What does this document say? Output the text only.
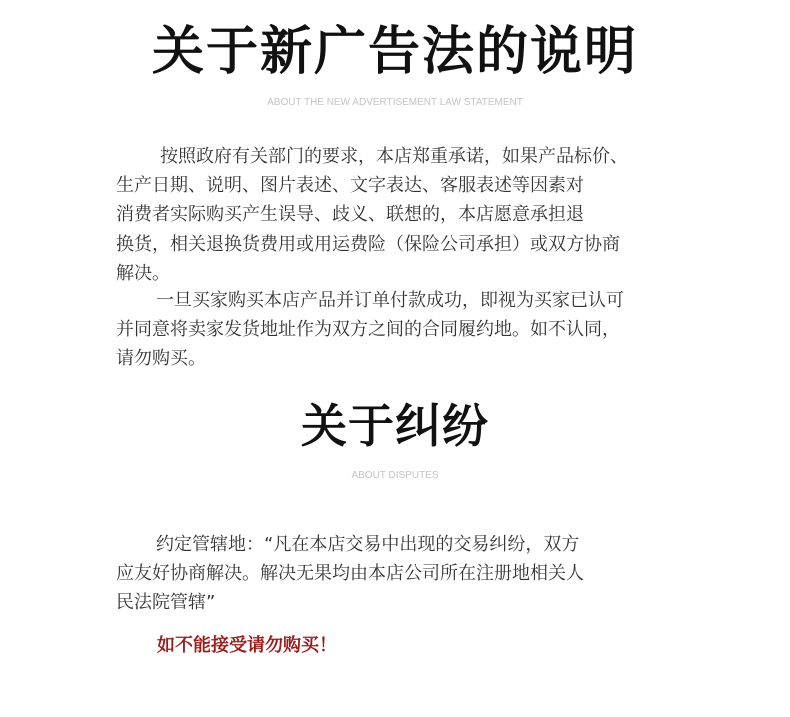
关于新广告法的说明
ABOUT THE NEW ADVERTISEMENT LAW STATEMENT
按照政府有关部门的要求，本店郑重承诺，如果产品标价、
生产日期、说明、图片表述、文字表达、客服表述等因素对
消费者实际购买产生误导、歧义、联想的，本店愿意承担退
换货，相关退换货费用或用运费险（保险公司承担）或双方协商
解决。
一旦买家购买本店产品并订单付款成功，即视为买家已认可
并同意将卖家发货地址作为双方之间的合同履约地。如不认同，
请勿购买。
关于纠纷
ABOUT DISPUTES
约定管辖地：“凡在本店交易中出现的交易纠纷，双方
应友好协商解决。解决无果均由本店公司所在注册地相关人
民法院管辖”
如不能接受请勿购买！
